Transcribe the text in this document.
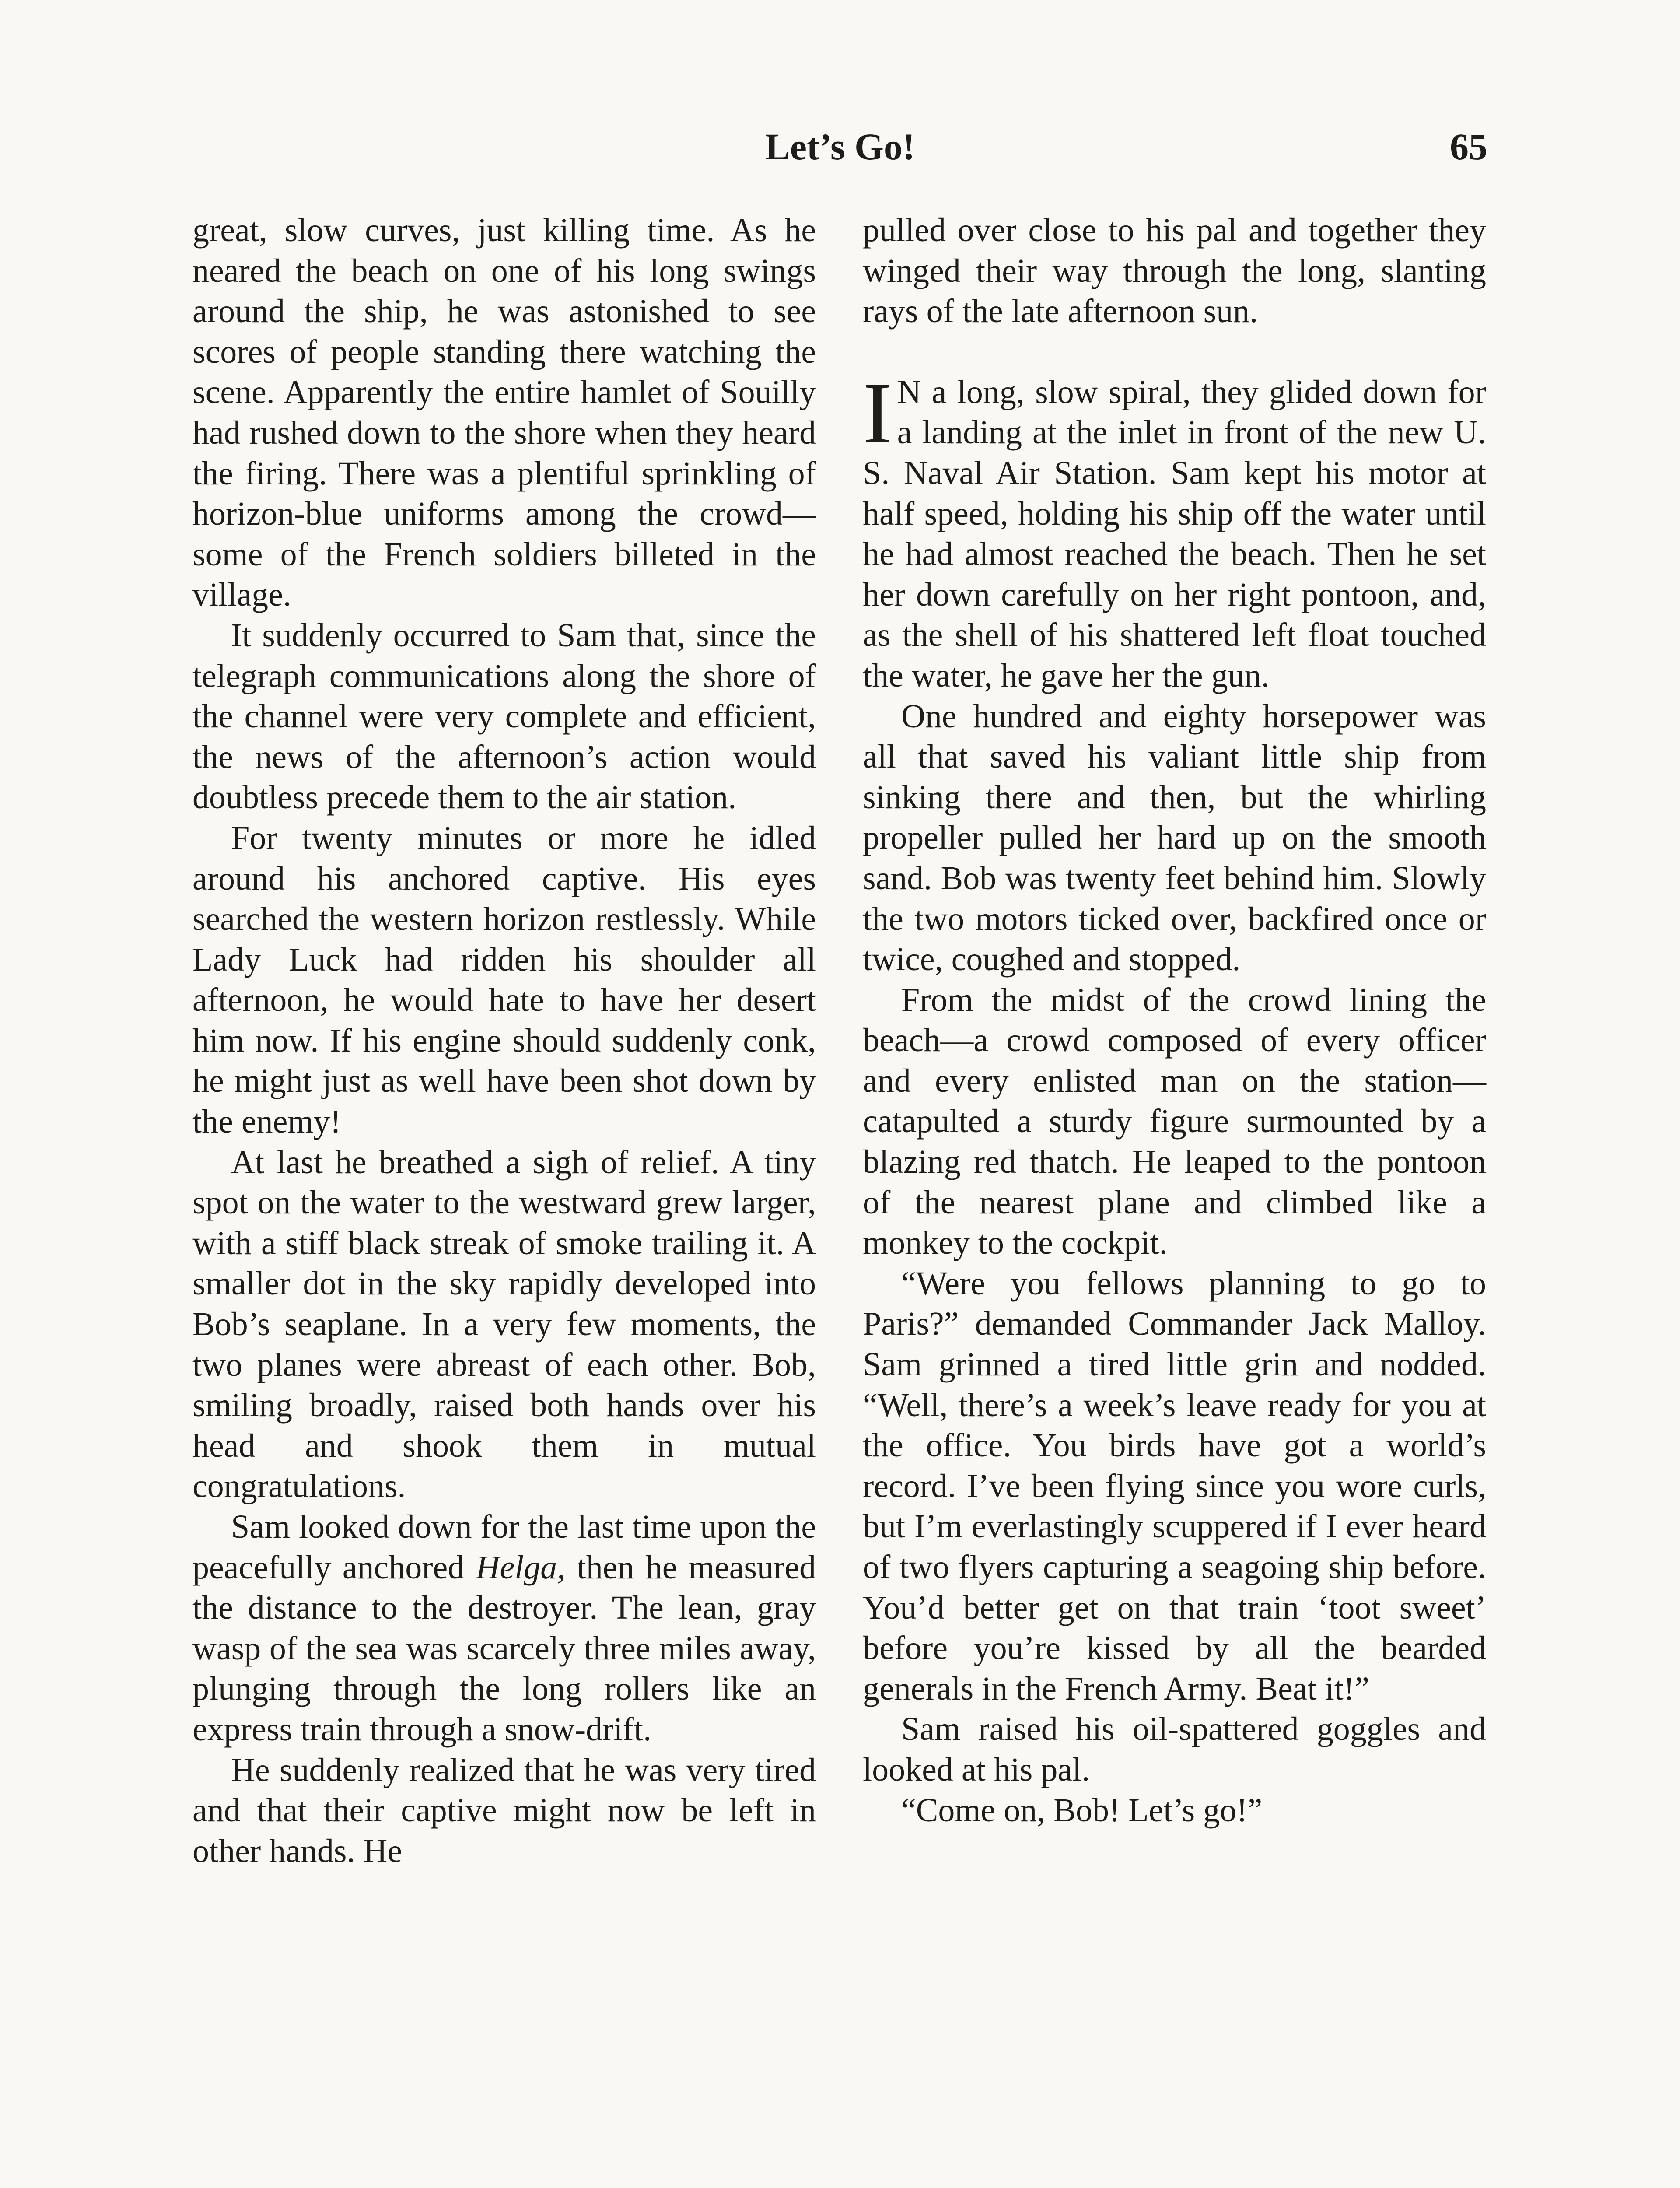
Let’s Go!	65

great, slow curves, just killing time. As he neared the beach on one of his long swings around the ship, he was astonished to see scores of people standing there watching the scene. Apparently the entire hamlet of Souilly had rushed down to the shore when they heard the firing. There was a plentiful sprinkling of horizon-blue uniforms among the crowd—some of the French soldiers billeted in the village.

It suddenly occurred to Sam that, since the telegraph communications along the shore of the channel were very complete and efficient, the news of the afternoon’s action would doubtless precede them to the air station.

For twenty minutes or more he idled around his anchored captive. His eyes searched the western horizon restlessly. While Lady Luck had ridden his shoulder all afternoon, he would hate to have her desert him now. If his engine should suddenly conk, he might just as well have been shot down by the enemy!

At last he breathed a sigh of relief. A tiny spot on the water to the westward grew larger, with a stiff black streak of smoke trailing it. A smaller dot in the sky rapidly developed into Bob’s seaplane. In a very few moments, the two planes were abreast of each other. Bob, smiling broadly, raised both hands over his head and shook them in mutual congratulations.

Sam looked down for the last time upon the peacefully anchored Helga, then he measured the distance to the destroyer. The lean, gray wasp of the sea was scarcely three miles away, plunging through the long rollers like an express train through a snow-drift.

He suddenly realized that he was very tired and that their captive might now be left in other hands. He

pulled over close to his pal and together they winged their way through the long, slanting rays of the late afternoon sun.

I N a long, slow spiral, they glided down for a landing at the inlet in front of the new U. S. Naval Air Station. Sam kept his motor at half speed, holding his ship off the water until he had almost reached the beach. Then he set her down carefully on her right pontoon, and, as the shell of his shattered left float touched the water, he gave her the gun.

One hundred and eighty horsepower was all that saved his valiant little ship from sinking there and then, but the whirling propeller pulled her hard up on the smooth sand. Bob was twenty feet behind him. Slowly the two motors ticked over, backfired once or twice, coughed and stopped.

From the midst of the crowd lining the beach—a crowd composed of every officer and every enlisted man on the station—catapulted a sturdy figure surmounted by a blazing red thatch. He leaped to the pontoon of the nearest plane and climbed like a monkey to the cockpit.

“Were you fellows planning to go to Paris?” demanded Commander Jack Malloy. Sam grinned a tired little grin and nodded. “Well, there’s a week’s leave ready for you at the office. You birds have got a world’s record. I’ve been flying since you wore curls, but I’m everlastingly scuppered if I ever heard of two flyers capturing a seagoing ship before. You’d better get on that train ‘toot sweet’ before you’re kissed by all the bearded generals in the French Army. Beat it!”

Sam raised his oil-spattered goggles and looked at his pal.

“Come on, Bob! Let’s go!”
